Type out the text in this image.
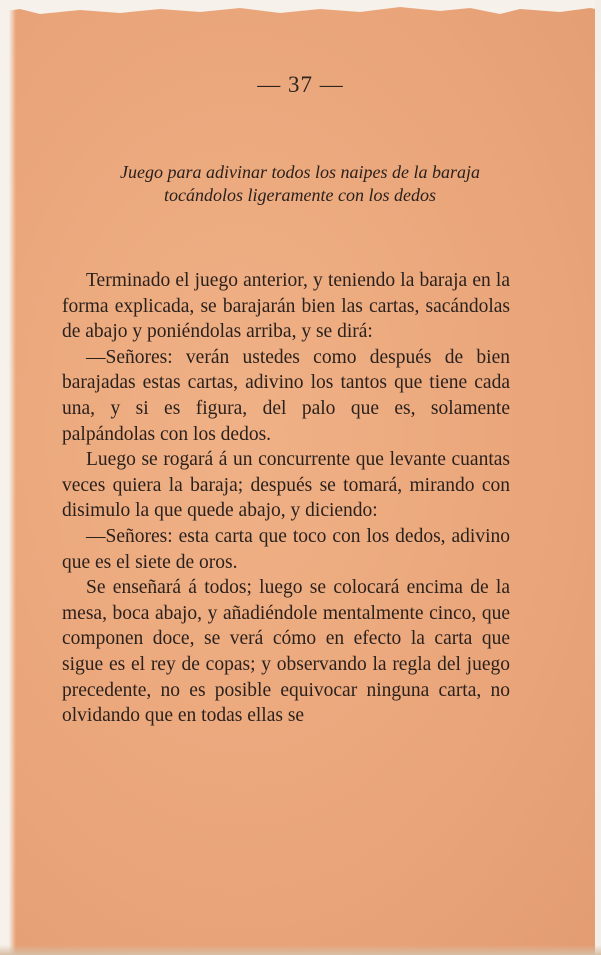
— 37 —
Juego para adivinar todos los naipes de la baraja
tocándolos ligeramente con los dedos

Terminado el juego anterior, y teniendo la baraja en la forma explicada, se barajarán bien las cartas, sacándolas de abajo y poniéndolas arriba, y se dirá:

—Señores: verán ustedes como después de bien barajadas estas cartas, adivino los tantos que tiene cada una, y si es figura, del palo que es, solamente palpándolas con los dedos.

Luego se rogará á un concurrente que levante cuantas veces quiera la baraja; después se tomará, mirando con disimulo la que quede abajo, y diciendo:

—Señores: esta carta que toco con los dedos, adivino que es el siete de oros.

Se enseñará á todos; luego se colocará encima de la mesa, boca abajo, y añadiéndole mentalmente cinco, que componen doce, se verá cómo en efecto la carta que sigue es el rey de copas; y observando la regla del juego precedente, no es posible equivocar ninguna carta, no olvidando que en todas ellas se
